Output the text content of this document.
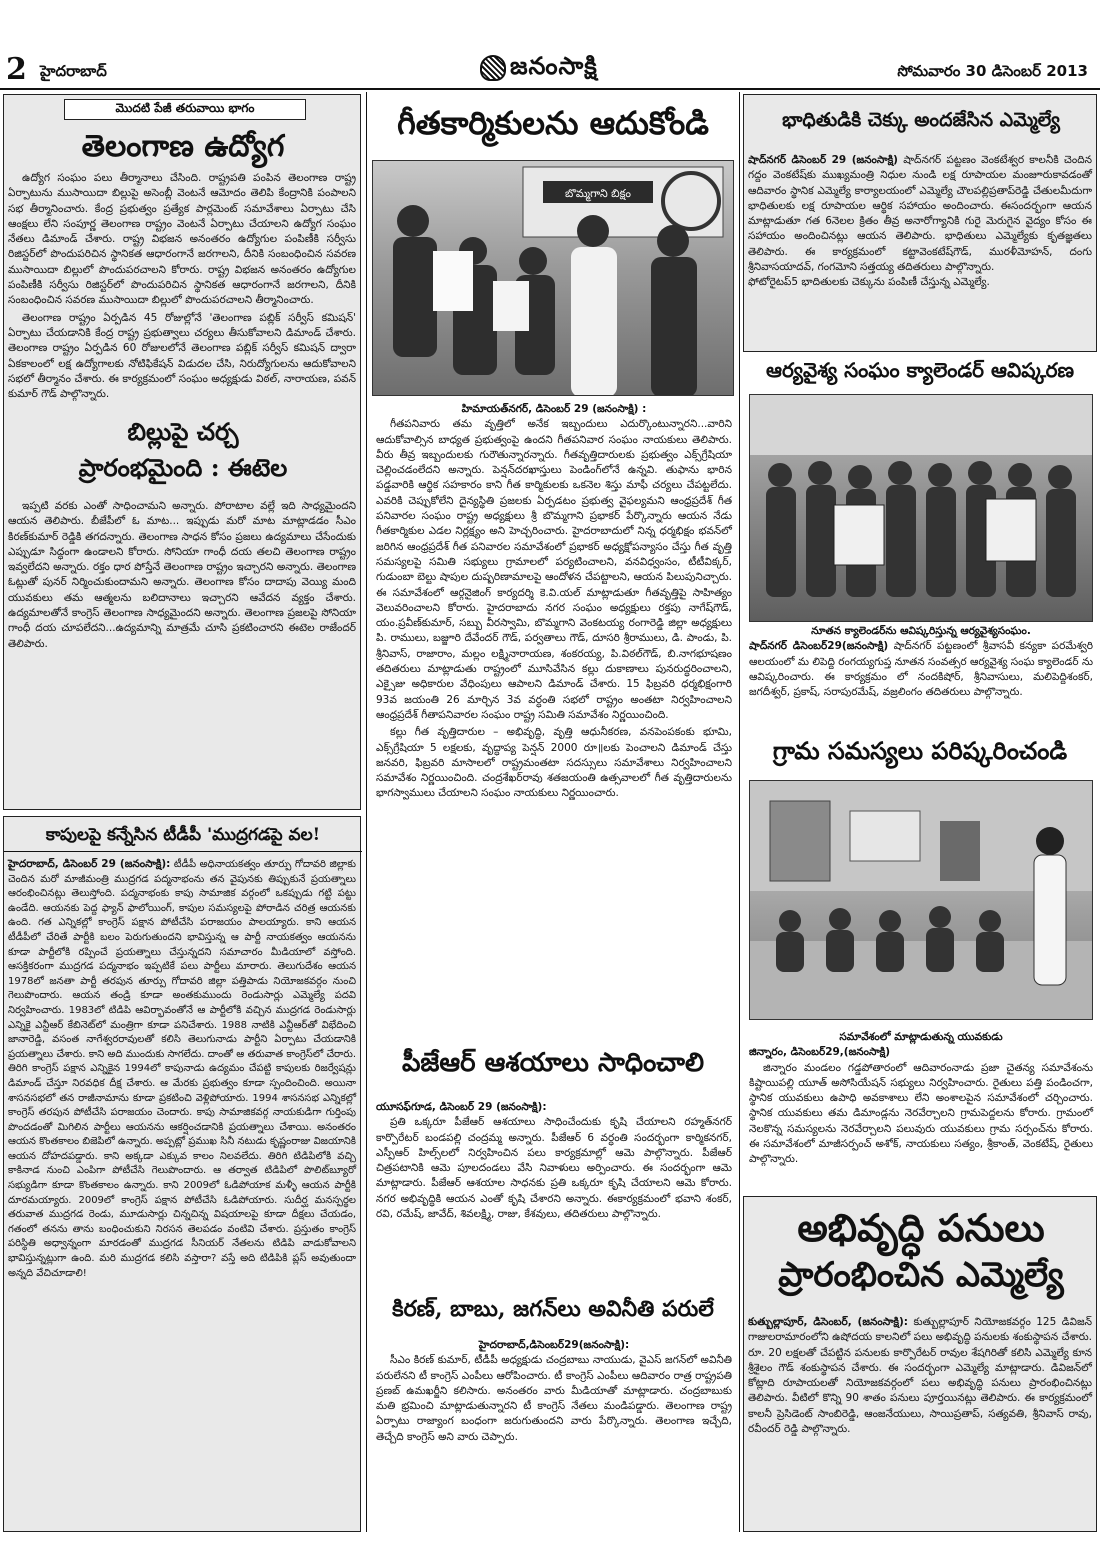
2 హైదరాబాద్	జనంసాక్షి	సోమవారం 30 డిసెంబర్ 2013
మొదటి పేజీ తరువాయి భాగం
తెలంగాణ ఉద్యోగ

ఉద్యోగ సంఘం పలు తీర్మానాలు చేసింది. రాష్ట్రపతి పంపిన తెలంగాణ రాష్ట్ర ఏర్పాటును ముసాయిదా బిల్లుపై అసెంబ్లీ వెంటనే ఆమోదం తెలిపి కేంద్రానికి పంపాలని సభ తీర్మానించారు. కేంద్ర ప్రభుత్వం ప్రత్యేక పార్లమెంట్ సమావేశాలు ఏర్పాటు చేసి ఆంక్షలు లేని సంపూర్ణ తెలంగాణ రాష్ట్రం వెంటనే ఏర్పాటు చేయాలని ఉద్యోగ సంఘం నేతలు డిమాండ్ చేశారు. రాష్ట్ర విభజన అనంతరం ఉద్యోగుల పంపిణీకి సర్వీసు రిజిస్టర్‌లో పొందుపరిచిన స్థానికత ఆధారంగానే జరగాలని, దీనికి సంబంధించిన సవరణ ముసాయిదా బిల్లులో పొందుపరచాలని కోరారు. రాష్ట్ర విభజన అనంతరం ఉద్యోగుల పంపిణీకి సర్వీసు రిజిస్టర్‌లో పొందుపరిచిన స్థానికత ఆధారంగానే జరగాలని, దీనికి సంబంధించిన సవరణ ముసాయిదా బిల్లులో పొందుపరచాలని తీర్మానించారు.

తెలంగాణ రాష్ట్రం ఏర్పడిన 45 రోజుల్లోనే 'తెలంగాణ పబ్లిక్ సర్వీస్ కమిషన్' ఏర్పాటు చేయడానికి కేంద్ర రాష్ట్ర ప్రభుత్వాలు చర్యలు తీసుకోవాలని డిమాండ్ చేశారు. తెలంగాణ రాష్ట్రం ఏర్పడిన 60 రోజులలోనే తెలంగాణ పబ్లిక్ సర్వీస్ కమిషన్ ద్వారా ఏకకాలంలో లక్ష ఉద్యోగాలకు నోటిఫికేషన్ విడుదల చేసి, నిరుద్యోగులను ఆదుకోవాలని సభలో తీర్మానం చేశారు. ఈ కార్యక్రమంలో సంఘం అధ్యక్షుడు విఠల్, నారాయణ, పవన్ కుమార్ గౌడ్ పాల్గొన్నారు.

బిల్లుపై చర్చ
ప్రారంభమైంది : ఈటెల

ఇప్పటి వరకు ఎంతో సాధించామని అన్నారు. పోరాటాల వల్లే ఇది సాధ్యమైందని ఆయన తెలిపారు. బీజేపీలో ఓ మాట... ఇప్పుడు మరో మాట మాట్లాడడం సీఎం కిరణ్‌కుమార్ రెడ్డికి తగదన్నారు. తెలంగాణ సాధన కోసం ప్రజలు ఉద్యమాలు చేసేందుకు ఎప్పుడూ సిద్ధంగా ఉండాలని కోరారు. సోనియా గాంధీ దయ తలచి తెలంగాణ రాష్ట్రం ఇవ్వలేదని అన్నారు. రక్తం ధార పోస్తేనే తెలంగాణ రాష్ట్రం ఇచ్చారని అన్నారు. తెలంగాణ ఓట్లుతో పునర్ నిర్మించుకుందామని అన్నారు. తెలంగాణ కోసం దాదాపు వెయ్యి మంది యువకులు తమ ఆత్మలను బలిదానాలు ఇచ్చారని ఆవేదన వ్యక్తం చేశారు. ఉద్యమాలతోనే కాంగ్రెస్ తెలంగాణ సాధ్యమైందని అన్నారు. తెలంగాణ ప్రజలపై సోనియా గాంధీ దయ చూపలేదని...ఉద్యమాన్ని మాత్రమే చూసి ప్రకటించారని ఈటెల రాజేందర్ తెలిపారు.

కాపులపై కన్నేసిన టీడీపీ 'ముద్రగడపై వల!
హైదరాబాద్, డిసెంబర్ 29 (జనంసాక్షి): టీడీపీ అధినాయకత్వం తూర్పు గోదావరి జిల్లాకు చెందిన మరో మాజీమంత్రి ముద్రగడ పద్మనాభంను తన వైపునకు తిప్పుకునే ప్రయత్నాలు ఆరంభించినట్లు తెలుస్తోంది. పద్మనాభంకు కాపు సామాజిక వర్గంలో ఒకప్పుడు గట్టి పట్టు ఉండేది. ఆయనకు పెద్ద ఫ్యాన్ ఫాలోయింగ్, కాపుల సమస్యలపై పోరాడిన చరిత్ర ఆయనకు ఉంది. గత ఎన్నికల్లో కాంగ్రెస్ పక్షాన పోటీచేసి పరాజయం పాలయ్యారు. కాని ఆయన టీడీపీలో చేరితే పార్టీకి బలం పెరుగుతుందని భావిస్తున్న ఆ పార్టీ నాయకత్వం ఆయనను కూడా పార్టీలోకి రప్పించే ప్రయత్నాలు చేస్తున్నదని సమాచారం మీడియాలో వస్తోంది. ఆసక్తికరంగా ముద్రగడ పద్మనాభం ఇప్పటికే పలు పార్టీలు మారారు. తెలుగుదేశం ఆయన 1978లో జనతా పార్టీ తరపున తూర్పు గోదావరి జిల్లా పత్తిపాడు నియోజకవర్గం నుంచి గెలుపొందారు. ఆయన తండ్రి కూడా అంతకుముందు రెండుసార్లు ఎమ్మెల్యే పదవి నిర్వహించారు. 1983లో టిడిపి ఆవిర్భావంతోనే ఆ పార్టీలోకి వచ్చిన ముద్రగడ రెండుసార్లు ఎన్నికై ఎన్టీఆర్ కేబినెట్‌లో మంత్రిగా కూడా పనిచేశారు. 1988 నాటికి ఎన్టీఆర్‌తో విభేదించి జానారెడ్డి, వసంత నాగేశ్వరరావులతో కలిసి తెలుగునాడు పార్టీని ఏర్పాటు చేయడానికి ప్రయత్నాలు చేశారు. కాని అది ముందుకు సాగలేదు. దాంతో ఆ తరువాత కాంగ్రెస్‌లో చేరారు. తిరిగి కాంగ్రెస్ పక్షాన ఎన్నికైన 1994లో కాపునాడు ఉద్యమం చేపట్టి కాపులకు రిజర్వేషన్లు డిమాండ్ చేస్తూ నిరవధిక దీక్ష చేశారు. ఆ మేరకు ప్రభుత్వం కూడా స్పందించింది. అయినా శాసనసభలో తన రాజీనామాను కూడా ప్రకటించి వెళ్లిపోయారు. 1994 శాసనసభ ఎన్నికల్లో కాంగ్రెస్ తరపున పోటీచేసి పరాజయం చెందారు. కాపు సామాజికవర్గ నాయకుడిగా గుర్తింపు పొందడంతో మిగిలిన పార్టీలు ఆయనను ఆకర్షించడానికి ప్రయత్నాలు చేశాయి. అనంతరం ఆయన కొంతకాలం బిజెపిలో ఉన్నారు. అప్పట్లో ప్రముఖ సినీ నటుడు కృష్ణంరాజు విజయానికి ఆయన దోహదపడ్డారు. కాని అక్కడా ఎక్కువ కాలం నిలవలేదు. తిరిగి టిడిపిలోకి వచ్చి కాకినాడ నుంచి ఎంపిగా పోటీచేసి గెలుపొందారు. ఆ తర్వాత టిడిపిలో పొలిట్‌బ్యూరో సభ్యుడిగా కూడా కొంతకాలం ఉన్నారు. కాని 2009లో ఓడిపోయాక మళ్ళీ ఆయన పార్టీకి దూరమయ్యారు. 2009లో కాంగ్రెస్ పక్షాన పోటీచేసి ఓడిపోయారు. సుదీర్ఘ మనస్పర్థల తరువాత ముద్రగడ రెండు, మూడుసార్లు చిన్నచిన్న విషయాలపై కూడా దీక్షలు చేయడం, గతంలో తనను తాను బంధించుకుని నిరసన తెలపడం వంటివి చేశారు. ప్రస్తుతం కాంగ్రెస్ పరిస్థితి అధ్వాన్నంగా మారడంతో ముద్రగడ సీనియర్ నేతలను టిడిపి వాడుకోవాలని భావిస్తున్నట్లుగా ఉంది. మరి ముద్రగడ కలిసి వస్తారా? వస్తే అది టిడిపికి ప్లస్ అవుతుందా అన్నది వేచిచూడాలి!
గీతకార్మికులను ఆదుకోండి
బొమ్మగాని బిక్షం
హిమాయత్‌నగర్, డిసెంబర్ 29 (జనంసాక్షి) :

గీతపనివారు తమ వృత్తిలో అనేక ఇబ్బందులు ఎదుర్కొంటున్నారని...వారిని ఆదుకోవాల్సిన బాధ్యత ప్రభుత్వంపై ఉందని గీతపనివార సంఘం నాయకులు తెలిపారు. వీరు తీవ్ర ఇబ్బందులకు గురౌతున్నారన్నారు. గీతవృత్తిదారులకు ప్రభుత్వం ఎక్స్‌గ్రేషియా చెల్లించడంలేదని అన్నారు. పెన్షన్‌దరఖాస్తులు పెండింగ్‌లోనే ఉన్నవి. తుఫాను భారిన పడ్డవారికి ఆర్థిక సహకారం కాని గీత కార్మికులకు ఒకనెల శిస్తు మాఫీ చర్యలు చేపట్టలేదు. ఎవరికి చెప్పుకోలేని దైన్యస్థితి ప్రజలకు ఏర్పడటం ప్రభుత్వ వైఫల్యమని ఆంధ్రప్రదేశ్ గీత పనివారల సంఘం రాష్ట్ర అధ్యక్షులు శ్రీ బొమ్మగాని ప్రభాకర్ పేర్కొన్నారు ఆయన నేడు గీతకార్మికుల ఎడల నిర్లక్ష్యం అని హెచ్చరించారు. హైదరాబాదులో నిన్న ధర్మభిక్షం భవన్‌లో జరిగిన ఆంధ్రప్రదేశ్ గీత పనివారల సమావేశంలో ప్రభాకర్ అధ్యక్షోపన్యాసం చేస్తు గీత వృత్తి సమస్యలపై సమితి సభ్యులు గ్రామాలలో పర్యటించాలని, వనవిధ్వంసం, టీటీవిక్కర్, గుడుంబా బెల్టు షాపుల దుష్పరిణామాలపై ఆందోళన చేపట్టాలని, ఆయన పిలుపునిచ్చారు. ఈ సమావేశంలో ఆర్గనైజింగ్ కార్యదర్శి కె.వి.యల్ మాట్లాడుతూ గీతవృత్తిపై సాహిత్యం వెలువరించాలని కోరారు. హైదరాబాదు నగర సంఘం అధ్యక్షులు రక్తపు నాగేష్‌గౌడ్, యం.ప్రవీణ్‌కుమార్, సబ్బు వీరస్వామి, బొమ్మగాని వెంకటయ్య రంగారెడ్డి జిల్లా అధ్యక్షులు పి. రాములు, బజ్జూరి దేవేందర్ గౌడ్, పర్వతాలు గౌడ్, దూసరి శ్రీరాములు, డి. పాండు, పి. శ్రీనివాస్, రాజారాం, మల్లం లక్ష్మినారాయణ, శంకరయ్య, పి.విఠల్‌గౌడ్, బి.నాగభూషణం తదితరులు మాట్లాడుతు రాష్ట్రంలో మూసివేసిన కల్లు దుకాణాలు పునరుద్ధరించాలని, ఎక్సైజు అధికారుల వేధింపులు ఆపాలని డిమాండ్ చేశారు. 15 ఫిబ్రవరి ధర్మభిక్షంగారి 93వ జయంతి 26 మార్చిన 3వ వర్ధంతి సభలో రాష్ట్రం అంతటా నిర్వహించాలని ఆంధ్రప్రదేశ్ గీతాపనివారల సంఘం రాష్ట్ర సమితి సమావేశం నిర్ణయించింది.

కల్లు గీత వృత్తిదారుల – అభివృద్ధి, వృత్తి ఆధునీకరణ, వనపెంపకంకు భూమి, ఎక్స్‌గ్రేషియా 5 లక్షలకు, వృద్ధాప్య పెన్షన్ 2000 రూ॥లకు పెంచాలని డిమాండ్ చేస్తు జనవరి, ఫిబ్రవరి మాసాలలో రాష్ట్రమంతటా సదస్సులు సమావేశాలు నిర్వహించాలని సమావేశం నిర్ణయించింది. చంద్రశేఖర్‌రావు శతజయంతి ఉత్సవాలలో గీత వృత్తిదారులను భాగస్వాములు చేయాలని సంఘం నాయకులు నిర్ణయించారు.

పీజేఆర్ ఆశయాలు సాధించాలి
యూసఫ్‌గూడ, డిసెంబర్ 29 (జనంసాక్షి):

ప్రతి ఒక్కరూ పీజేఆర్ ఆశయాలు సాధించేందుకు కృషి చేయాలని రహ్మత్‌నగర్ కార్పొరేటర్ బండపల్లి చంద్రమ్మ అన్నారు. పీజేఆర్ 6 వర్ధంతి సందర్భంగా కార్మికనగర్, ఎస్పీఆర్ హిల్స్‌లలో నిర్వహించిన పలు కార్యక్రమాల్లో ఆమె పాల్గొన్నారు. పీజేఆర్ చిత్రపటానికి ఆమె పూలదండలు వేసి నివాళులు అర్పించారు. ఈ సందర్భంగా ఆమె మాట్లాడారు. పీజేఆర్ ఆశయాల సాధనకు ప్రతి ఒక్కరూ కృషి చేయాలని ఆమె కోరారు. నగర అభివృద్ధికి ఆయన ఎంతో కృషి చేశారని అన్నారు. ఈకార్యక్రమంలో భవాని శంకర్, రవి, రమేష్, జావేద్, శివలక్ష్మి, రాజు, కేశవులు, తదితరులు పాల్గొన్నారు.

కిరణ్, బాబు, జగన్‌లు అవినీతి పరులే
హైదరాబాద్,డిసెంబర్29(జనంసాక్షి):

సీఎం కిరణ్ కుమార్, టీడీపీ అధ్యక్షుడు చంద్రబాబు నాయుడు, వైఎస్ జగన్‌లో అవినీతి పరులేనని టీ కాంగ్రెస్ ఎంపీలు ఆరోపించారు. టీ కాంగ్రెస్ ఎంపీలు ఆదివారం రాత్ర రాష్ట్రపతి ప్రణబ్ ఉమఖర్జీని కలిసారు. అనంతరం వారు మీడియాతో మాట్లాడారు. చంద్రబాబుకు మతి భ్రమించి మాట్లాడుతున్నారని టీ కాంగ్రెస్ నేతలు మండిపడ్డారు. తెలంగాణ రాష్ట్ర ఏర్పాటు రాజ్యాంగ బంధంగా జరుగుతుందని వారు పేర్కొన్నారు. తెలంగాణ ఇచ్చేది, తెచ్చేది కాంగ్రెస్ అని వారు చెప్పారు.

భాధితుడికి చెక్కు అందజేసిన ఎమ్మెల్యే
షాద్‌నగర్ డిసెంబర్ 29 (జనంసాక్షి) షాద్‌నగర్ పట్టణం వెంకటేశ్వర కాలనీకి చెందిన గద్దం వెంకటేష్‌కు ముఖ్యమంత్రి నిధుల నుండి లక్ష రూపాయల మంజూరుకావడంతో ఆదివారం స్థానిక ఎమ్మెల్యే కార్యాలయంలో ఎమ్మెల్యే చౌలపల్లిప్రతాప్‌రెడ్డి చేతులమీదుగా భాధితులకు లక్ష రూపాయల ఆర్థిక సహాయం అందించారు. ఈసందర్భంగా ఆయన మాట్లాడుతూ గత 6నెలల క్రితం తీవ్ర అనారోగ్యానికి గురై మెరుగైన వైద్యం కోసం ఈ సహాయం అందించినట్లు ఆయన తెలిపారు. భాధితులు ఎమ్మెల్యేకు కృతజ్ఞతలు తెలిపారు. ఈ కార్యక్రమంలో కట్టావెంకటేష్‌గౌడ్, మురళీమోహన్, దంగు శ్రీనివాసయాదవ్, గంగమోని సత్తయ్య తదితరులు పాల్గొన్నారు.

ఫోటోరైటప్5 భాదితులకు చెక్కును పంపిణీ చేస్తున్న ఎమ్మెల్యే.

ఆర్యవైశ్య సంఘం క్యాలెండర్ ఆవిష్కరణ
నూతన క్యాలెండర్‌ను ఆవిష్కరిస్తున్న ఆర్యవైశ్యసంఘం.
షాద్‌నగర్ డిసెంబర్29(జనంసాక్షి) షాద్‌నగర్ పట్టణంలో శ్రీవాసవీ కన్యకా పరమేశ్వరి ఆలయంలో మ లిపెద్ది రంగయ్యగుప్త నూతన సంవత్సర ఆర్యవైశ్య సంఘ క్యాలెండర్ ను ఆవిష్కరించారు. ఈ కార్యక్రమం లో నందకిషోర్, శ్రీనివాసులు, మలిపెద్దిశంకర్, జగదీశ్వర్, ప్రకాష్, సరాపురమేష్, వజ్రలింగం తదితరులు పాల్గొన్నారు.
గ్రామ సమస్యలు పరిష్కరించండి
సమావేశంలో మాట్లాడుతున్న యువకుడు
జిన్నారం, డిసెంబర్29,(జనంసాక్షి)

జిన్నారం మండలం గడ్డపోతారంలో ఆదివారంనాడు ప్రజా చైతన్య సమావేశంను కిష్టాయిపల్లి యూత్ అసోసియేషన్ సభ్యులు నిర్వహించారు. రైతులు పత్తి పండించగా, స్థానిక యువకులు ఉపాధి అవకాశాలు లేని అంశాలపైన సమావేశంలో చర్చించారు. స్థానిక యువకులు తమ డిమాండ్లను నెరవేర్చాలని గ్రామపెద్దలను కోరారు. గ్రామంలో నెలకొన్న సమస్యలను నెరవేర్చాలని పలువురు యువకులు గ్రామ సర్పంచ్‌ను కోరారు. ఈ సమావేశంలో మాజీసర్పంచ్ అశోక్, నాయకులు సత్యం, శ్రీకాంత్, వెంకటేష్, రైతులు పాల్గొన్నారు.

అభివృద్ధి పనులు
ప్రారంభించిన ఎమ్మెల్యే
కుత్బుల్లాపూర్, డిసెంబర్, (జనంసాక్షి): కుత్బుల్లాపూర్ నియోజకవర్గం 125 డివిజన్ గాజులరామారంలోని ఉషోదయ కాలనిలో పలు అభివృద్ధి పనులకు శంకుస్థాపన చేశారు. రూ. 20 లక్షలతో చేపట్టిన పనులకు కార్పొరేటర్ రావుల శేషగిరితో కలిసి ఎమ్మెల్యే కూన శ్రీశైలం గౌడ్ శంకుస్థాపన చేశారు. ఈ సందర్భంగా ఎమ్మెల్యే మాట్లాడారు. డివిజన్‌లో కోట్లాది రూపాయలతో నియోజకవర్గంలో పలు అభివృద్ధి పనులు ప్రారంభించినట్లు తెలిపారు. వీటిలో కొన్ని 90 శాతం పనులు పూర్తయినట్లు తెలిపారు. ఈ కార్యక్రమంలో కాలనీ ప్రెసిడెంట్ సాంబిరెడ్డి, ఆంజనేయులు, సాయిప్రతాప్, సత్యవతి, శ్రీనివాస్ రావు, రవీందర్ రెడ్డి పాల్గొన్నారు.
